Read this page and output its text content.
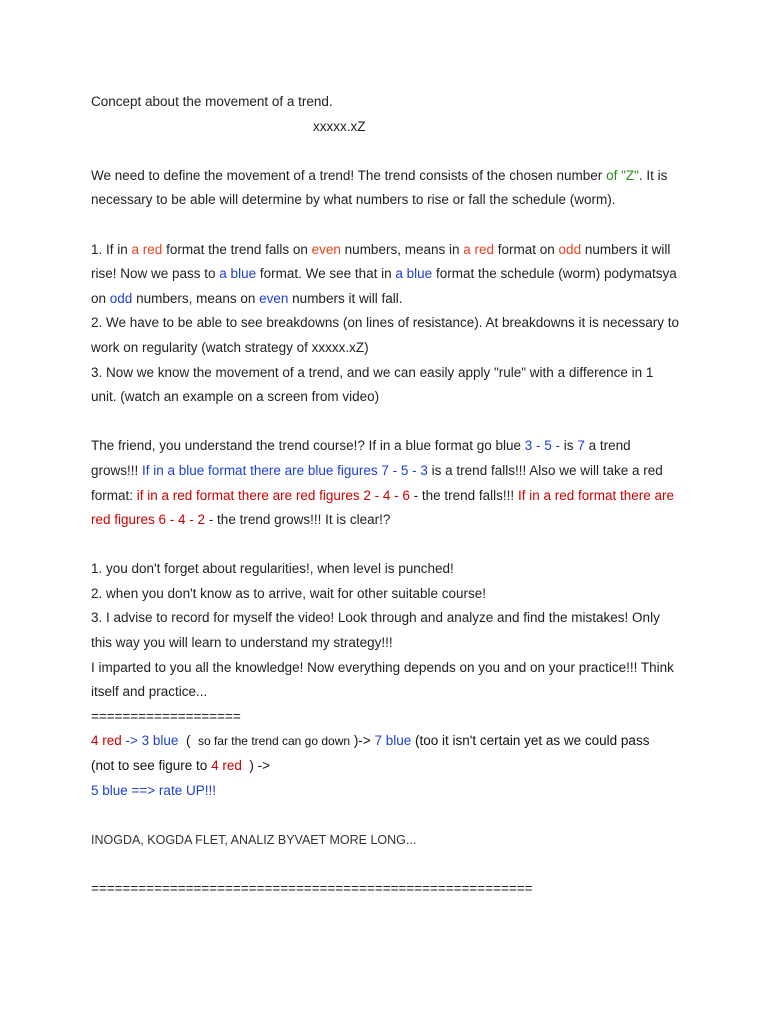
Concept about the movement of a trend.

xxxxx.xZ

We need to define the movement of a trend! The trend consists of the chosen number of "Z". It is necessary to be able will determine by what numbers to rise or fall the schedule (worm).

1. If in a red format the trend falls on even numbers, means in a red format on odd numbers it will rise! Now we pass to a blue format. We see that in a blue format the schedule (worm) podymatsya on odd numbers, means on even numbers it will fall.

2. We have to be able to see breakdowns (on lines of resistance). At breakdowns it is necessary to work on regularity (watch strategy of xxxxx.xZ)

3. Now we know the movement of a trend, and we can easily apply "rule" with a difference in 1 unit. (watch an example on a screen from video)

The friend, you understand the trend course!? If in a blue format go blue 3 - 5 - is 7 a trend grows!!! If in a blue format there are blue figures 7 - 5 - 3 is a trend falls!!! Also we will take a red format: if in a red format there are red figures 2 - 4 - 6 - the trend falls!!! If in a red format there are red figures 6 - 4 - 2 - the trend grows!!! It is clear!?

1. you don't forget about regularities!, when level is punched!

2. when you don't know as to arrive, wait for other suitable course!

3. I advise to record for myself the video! Look through and analyze and find the mistakes! Only this way you will learn to understand my strategy!!!

I imparted to you all the knowledge! Now everything depends on you and on your practice!!! Think itself and practice...

===================

4 red -> 3 blue  (  so far the trend can go down )-> 7 blue (too it isn't certain yet as we could pass    (not to see figure to 4 red  ) ->

5 blue ==> rate UP!!!

INOGDA, KOGDA FLET, ANALIZ BYVAET MORE LONG...

========================================================
